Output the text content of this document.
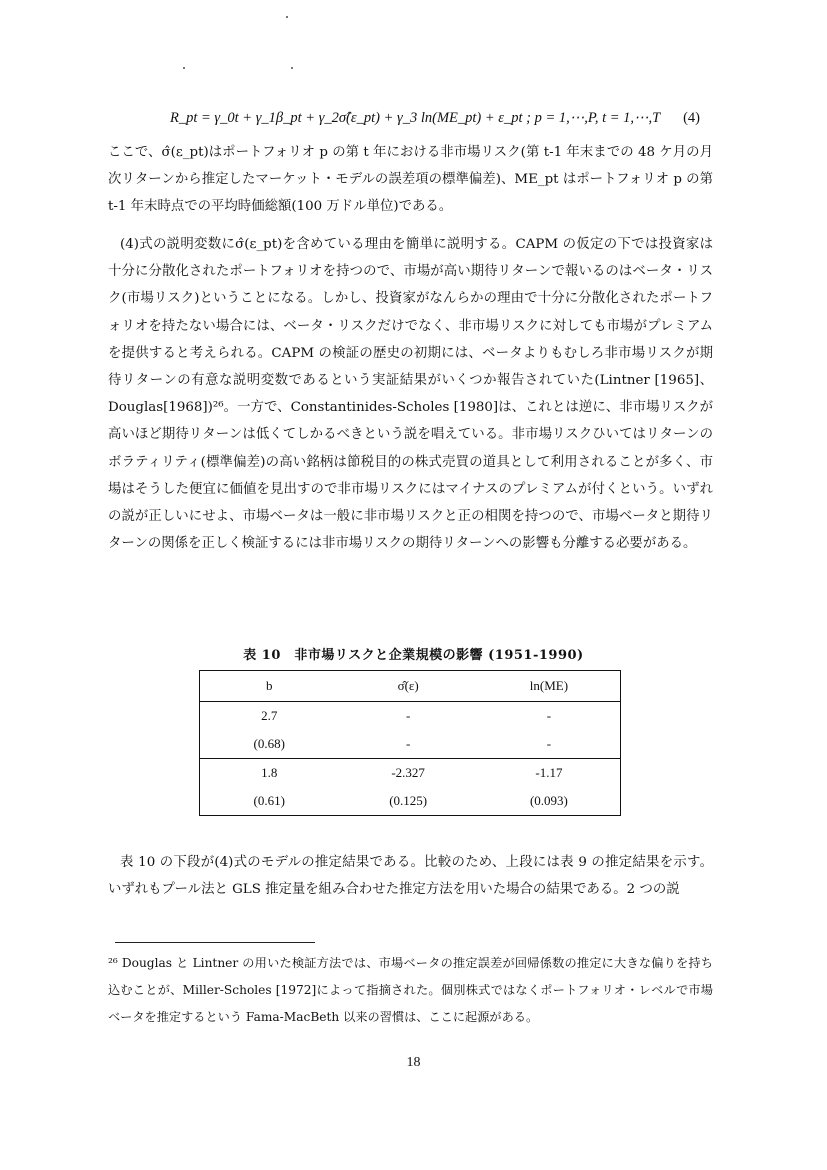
R_pt = γ_0t + γ_1β_pt + γ_2σ̂(ε_pt) + γ_3 ln(ME_pt) + ε_pt ; p = 1,⋯,P, t = 1,⋯,T (4)

ここで、σ̂(ε_pt)はポートフォリオ p の第 t 年における非市場リスク(第 t-1 年末までの 48 ケ月の月次リターンから推定したマーケット・モデルの誤差項の標準偏差)、ME_pt はポートフォリオ p の第 t-1 年末時点での平均時価総額(100 万ドル単位)である。

(4)式の説明変数にσ̂(ε_pt)を含めている理由を簡単に説明する。CAPM の仮定の下では投資家は十分に分散化されたポートフォリオを持つので、市場が高い期待リターンで報いるのはベータ・リスク(市場リスク)ということになる。しかし、投資家がなんらかの理由で十分に分散化されたポートフォリオを持たない場合には、ベータ・リスクだけでなく、非市場リスクに対しても市場がプレミアムを提供すると考えられる。CAPM の検証の歴史の初期には、ベータよりもむしろ非市場リスクが期待リターンの有意な説明変数であるという実証結果がいくつか報告されていた(Lintner [1965]、Douglas[1968])²⁶。一方で、Constantinides-Scholes [1980]は、これとは逆に、非市場リスクが高いほど期待リターンは低くてしかるべきという説を唱えている。非市場リスクひいてはリターンのボラティリティ(標準偏差)の高い銘柄は節税目的の株式売買の道具として利用されることが多く、市場はそうした便宜に価値を見出すので非市場リスクにはマイナスのプレミアムが付くという。いずれの説が正しいにせよ、市場ベータは一般に非市場リスクと正の相関を持つので、市場ベータと期待リターンの関係を正しく検証するには非市場リスクの期待リターンへの影響も分離する必要がある。

表 10　非市場リスクと企業規模の影響 (1951-1990)
b	σ̂(ε)	ln(ME)
2.7	-	-
(0.68)	-	-
1.8	-2.327	-1.17
(0.61)	(0.125)	(0.093)

表 10 の下段が(4)式のモデルの推定結果である。比較のため、上段には表 9 の推定結果を示す。いずれもプール法と GLS 推定量を組み合わせた推定方法を用いた場合の結果である。2 つの説

²⁶ Douglas と Lintner の用いた検証方法では、市場ベータの推定誤差が回帰係数の推定に大きな偏りを持ち込むことが、Miller-Scholes [1972]によって指摘された。個別株式ではなくポートフォリオ・レベルで市場ベータを推定するという Fama-MacBeth 以来の習慣は、ここに起源がある。

18
